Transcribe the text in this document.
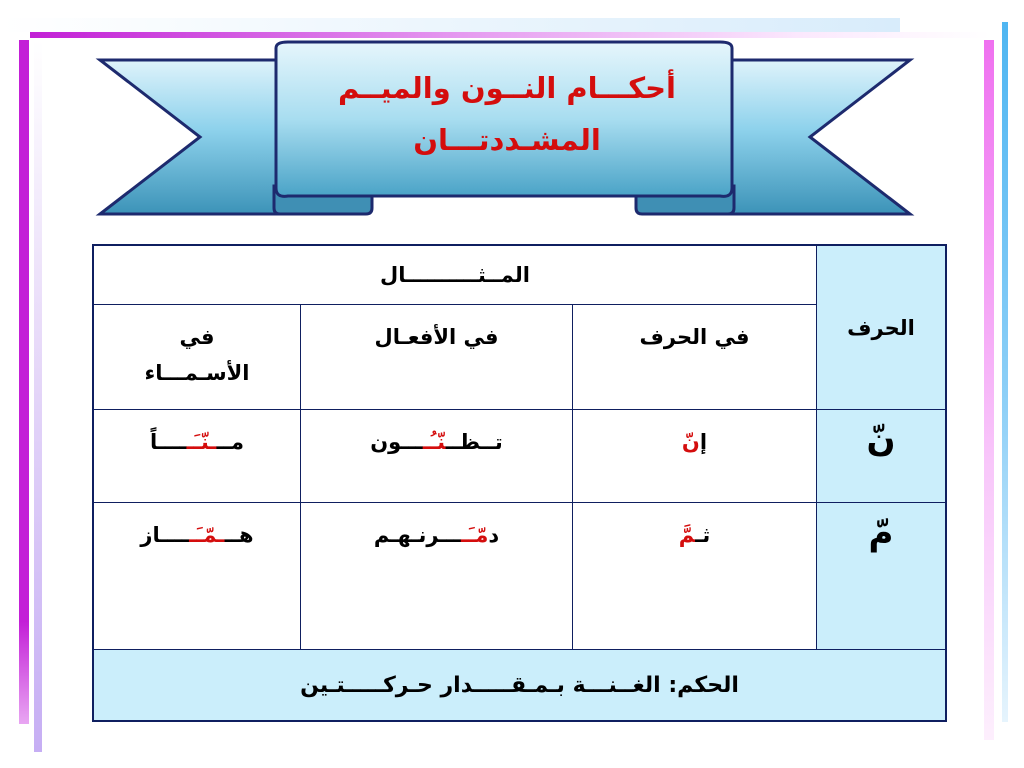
أحكـــام النــون والميــم
المشـددتـــان
الحرف	المــثــــــــــال		

	في الحرف	في الأفعـال	في
الأسـمـــاء

نّ	إنّ	تــظــنّـُــــون	مـــنّـَـــــاً

مّ	ثـمَّ	دمّـَــــرنـهـم	هـــمّـَـــــاز

الحكم: الغــنـــة بـمـقـــــدار حـركـــــتـين			
